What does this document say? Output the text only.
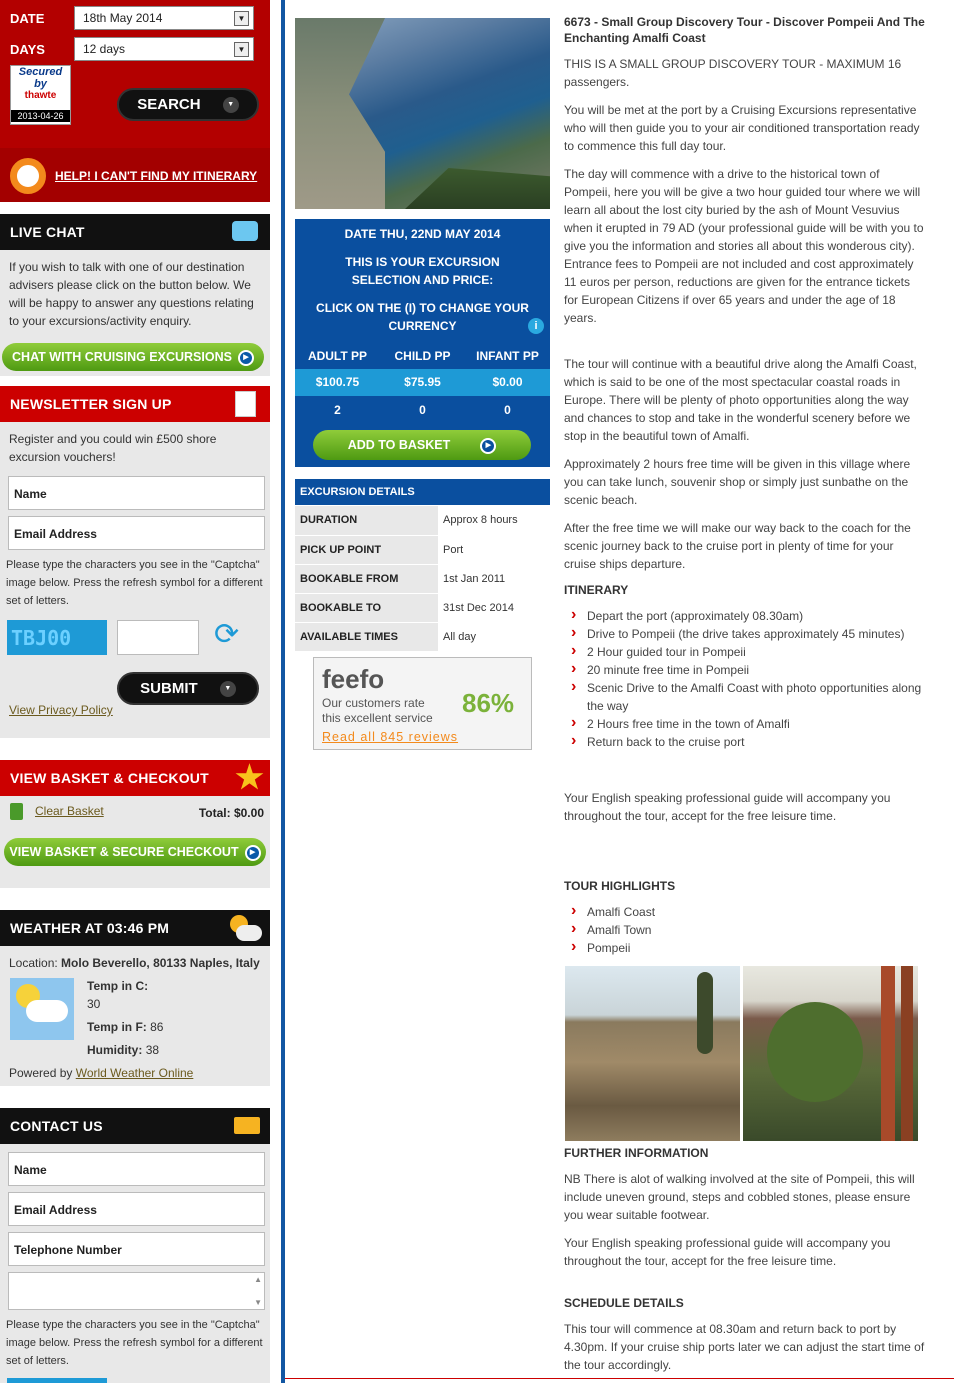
DATE	18th May 2014	▼
DAYS	12 days	▼
Secured
by
thawte
2013-04-26
SEARCH	▼
HELP! I CAN'T FIND MY ITINERARY
LIVE CHAT
If you wish to talk with one of our destination advisers please click on the button below. We will be happy to answer any questions relating to your excursions/activity enquiry.
CHAT WITH CRUISING EXCURSIONS ▶
NEWSLETTER SIGN UP
Register and you could win £500 shore excursion vouchers!
Name
Email Address
Please type the characters you see in the "Captcha" image below. Press the refresh symbol for a different set of letters.
TBJ00	⟳
SUBMIT	▼
View Privacy Policy
VIEW BASKET & CHECKOUT ★
Clear Basket	Total: $0.00
VIEW BASKET & SECURE CHECKOUT ▶
WEATHER AT 03:46 PM
Location: Molo Beverello, 80133 Naples, Italy
Temp in C:
30
Temp in F: 86
Humidity: 38
Powered by World Weather Online
CONTACT US
Name
Email Address
Telephone Number
▲
▼
Please type the characters you see in the "Captcha" image below. Press the refresh symbol for a different set of letters.
DATE THU, 22ND MAY 2014
THIS IS YOUR EXCURSION SELECTION AND PRICE:
CLICK ON THE (I) TO CHANGE YOUR CURRENCY	i
ADULT PP	CHILD PP	INFANT PP
$100.75	$75.95	$0.00
2	0	0
ADD TO BASKET	▶
EXCURSION DETAILS
DURATION	Approx 8 hours
PICK UP POINT	Port
BOOKABLE FROM	1st Jan 2011
BOOKABLE TO	31st Dec 2014
AVAILABLE TIMES	All day
feefo
Our customers rate
this excellent service 86%
Read all 845 reviews
6673 - Small Group Discovery Tour - Discover Pompeii And The Enchanting Amalfi Coast

THIS IS A SMALL GROUP DISCOVERY TOUR - MAXIMUM 16 passengers.

You will be met at the port by a Cruising Excursions representative who will then guide you to your air conditioned transportation ready to commence this full day tour.

The day will commence with a drive to the historical town of Pompeii, here you will be give a two hour guided tour where we will learn all about the lost city buried by the ash of Mount Vesuvius when it erupted in 79 AD (your professional guide will be with you to give you the information and stories all about this wonderous city). Entrance fees to Pompeii are not included and cost approximately 11 euros per person, reductions are given for the entrance tickets for European Citizens if over 65 years and under the age of 18 years.

The tour will continue with a beautiful drive along the Amalfi Coast, which is said to be one of the most spectacular coastal roads in Europe. There will be plenty of photo opportunities along the way and chances to stop and take in the wonderful scenery before we stop in the beautiful town of Amalfi.

Approximately 2 hours free time will be given in this village where you can take lunch, souvenir shop or simply just sunbathe on the scenic beach.

After the free time we will make our way back to the coach for the scenic journey back to the cruise port in plenty of time for your cruise ships departure.

ITINERARY
› Depart the port (approximately 08.30am)
› Drive to Pompeii (the drive takes approximately 45 minutes)
› 2 Hour guided tour in Pompeii
› 20 minute free time in Pompeii
› Scenic Drive to the Amalfi Coast with photo opportunities along the way
› 2 Hours free time in the town of Amalfi
› Return back to the cruise port

Your English speaking professional guide will accompany you throughout the tour, accept for the free leisure time.

TOUR HIGHLIGHTS
› Amalfi Coast
› Amalfi Town
› Pompeii
FURTHER INFORMATION

NB There is alot of walking involved at the site of Pompeii, this will include uneven ground, steps and cobbled stones, please ensure you wear suitable footwear.

Your English speaking professional guide will accompany you throughout the tour, accept for the free leisure time.

SCHEDULE DETAILS

This tour will commence at 08.30am and return back to port by 4.30pm. If your cruise ship ports later we can adjust the start time of the tour accordingly.
